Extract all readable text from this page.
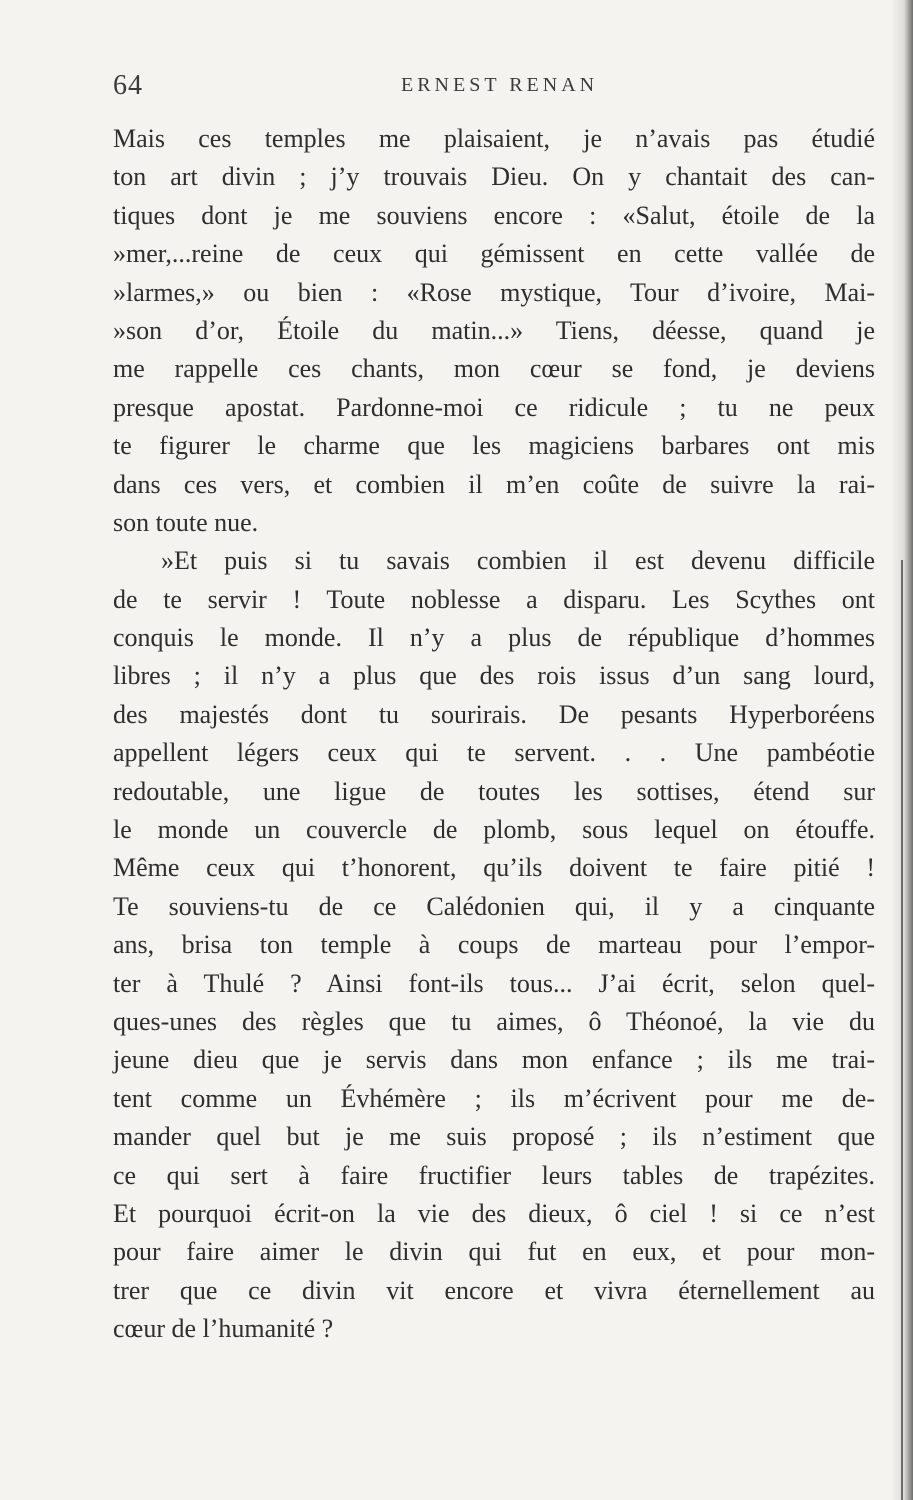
64	ERNEST RENAN
Mais ces temples me plaisaient, je n’avais pas étudié
ton art divin ; j’y trouvais Dieu. On y chantait des can-
tiques dont je me souviens encore : «Salut, étoile de la
»mer,...reine de ceux qui gémissent en cette vallée de
»larmes,» ou bien : «Rose mystique, Tour d’ivoire, Mai-
»son d’or, Étoile du matin...» Tiens, déesse, quand je
me rappelle ces chants, mon cœur se fond, je deviens
presque apostat. Pardonne-moi ce ridicule ; tu ne peux
te figurer le charme que les magiciens barbares ont mis
dans ces vers, et combien il m’en coûte de suivre la rai-
son toute nue.
»Et puis si tu savais combien il est devenu difficile
de te servir ! Toute noblesse a disparu. Les Scythes ont
conquis le monde. Il n’y a plus de république d’hommes
libres ; il n’y a plus que des rois issus d’un sang lourd,
des majestés dont tu sourirais. De pesants Hyperboréens
appellent légers ceux qui te servent. . . Une pambéotie
redoutable, une ligue de toutes les sottises, étend sur
le monde un couvercle de plomb, sous lequel on étouffe.
Même ceux qui t’honorent, qu’ils doivent te faire pitié !
Te souviens-tu de ce Calédonien qui, il y a cinquante
ans, brisa ton temple à coups de marteau pour l’empor-
ter à Thulé ? Ainsi font-ils tous... J’ai écrit, selon quel-
ques-unes des règles que tu aimes, ô Théonoé, la vie du
jeune dieu que je servis dans mon enfance ; ils me trai-
tent comme un Évhémère ; ils m’écrivent pour me de-
mander quel but je me suis proposé ; ils n’estiment que
ce qui sert à faire fructifier leurs tables de trapézites.
Et pourquoi écrit-on la vie des dieux, ô ciel ! si ce n’est
pour faire aimer le divin qui fut en eux, et pour mon-
trer que ce divin vit encore et vivra éternellement au
cœur de l’humanité ?
